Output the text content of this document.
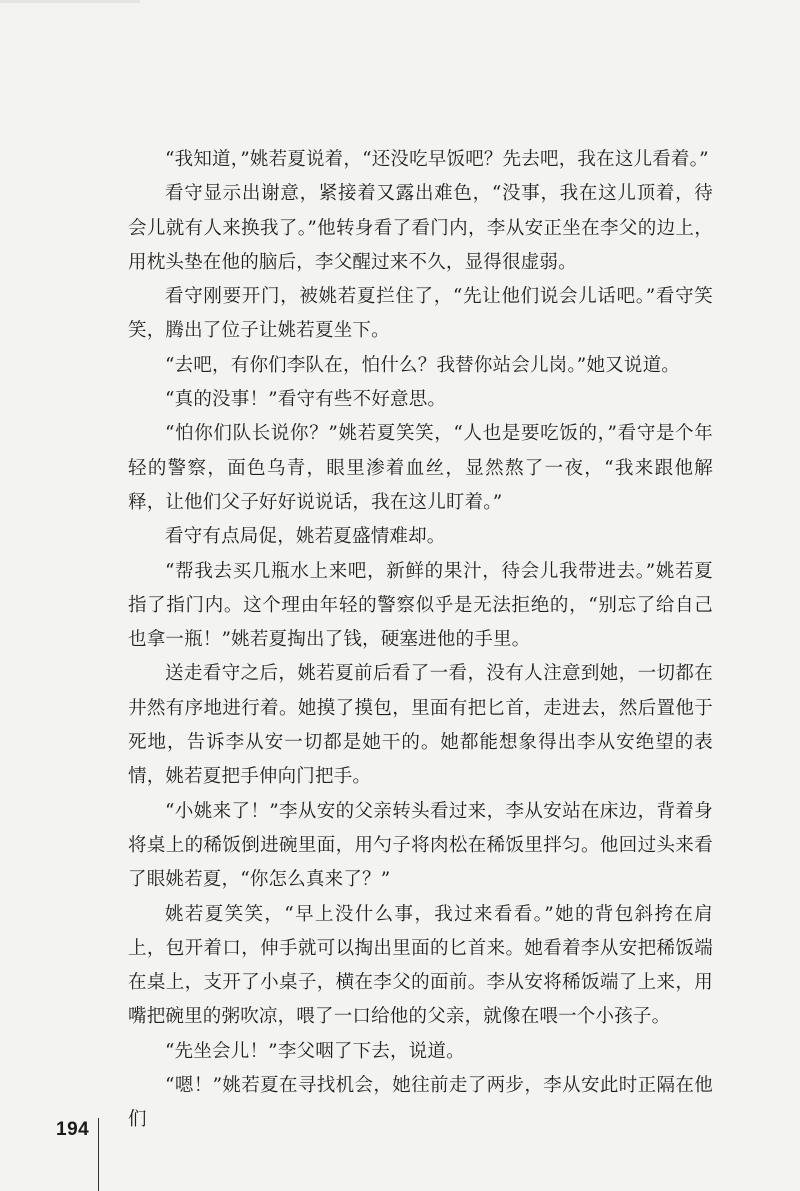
“我知道，”姚若夏说着，“还没吃早饭吧？先去吧，我在这儿看着。”

看守显示出谢意，紧接着又露出难色，“没事，我在这儿顶着，待会儿就有人来换我了。”他转身看了看门内，李从安正坐在李父的边上，用枕头垫在他的脑后，李父醒过来不久，显得很虚弱。

看守刚要开门，被姚若夏拦住了，“先让他们说会儿话吧。”看守笑笑，腾出了位子让姚若夏坐下。

“去吧，有你们李队在，怕什么？我替你站会儿岗。”她又说道。

“真的没事！”看守有些不好意思。

“怕你们队长说你？”姚若夏笑笑，“人也是要吃饭的，”看守是个年轻的警察，面色乌青，眼里渗着血丝，显然熬了一夜，“我来跟他解释，让他们父子好好说说话，我在这儿盯着。”

看守有点局促，姚若夏盛情难却。

“帮我去买几瓶水上来吧，新鲜的果汁，待会儿我带进去。”姚若夏指了指门内。这个理由年轻的警察似乎是无法拒绝的，“别忘了给自己也拿一瓶！”姚若夏掏出了钱，硬塞进他的手里。

送走看守之后，姚若夏前后看了一看，没有人注意到她，一切都在井然有序地进行着。她摸了摸包，里面有把匕首，走进去，然后置他于死地，告诉李从安一切都是她干的。她都能想象得出李从安绝望的表情，姚若夏把手伸向门把手。

“小姚来了！”李从安的父亲转头看过来，李从安站在床边，背着身将桌上的稀饭倒进碗里面，用勺子将肉松在稀饭里拌匀。他回过头来看了眼姚若夏，“你怎么真来了？”

姚若夏笑笑，“早上没什么事，我过来看看。”她的背包斜挎在肩上，包开着口，伸手就可以掏出里面的匕首来。她看着李从安把稀饭端在桌上，支开了小桌子，横在李父的面前。李从安将稀饭端了上来，用嘴把碗里的粥吹凉，喂了一口给他的父亲，就像在喂一个小孩子。

“先坐会儿！”李父咽了下去，说道。

“嗯！”姚若夏在寻找机会，她往前走了两步，李从安此时正隔在他们

194
